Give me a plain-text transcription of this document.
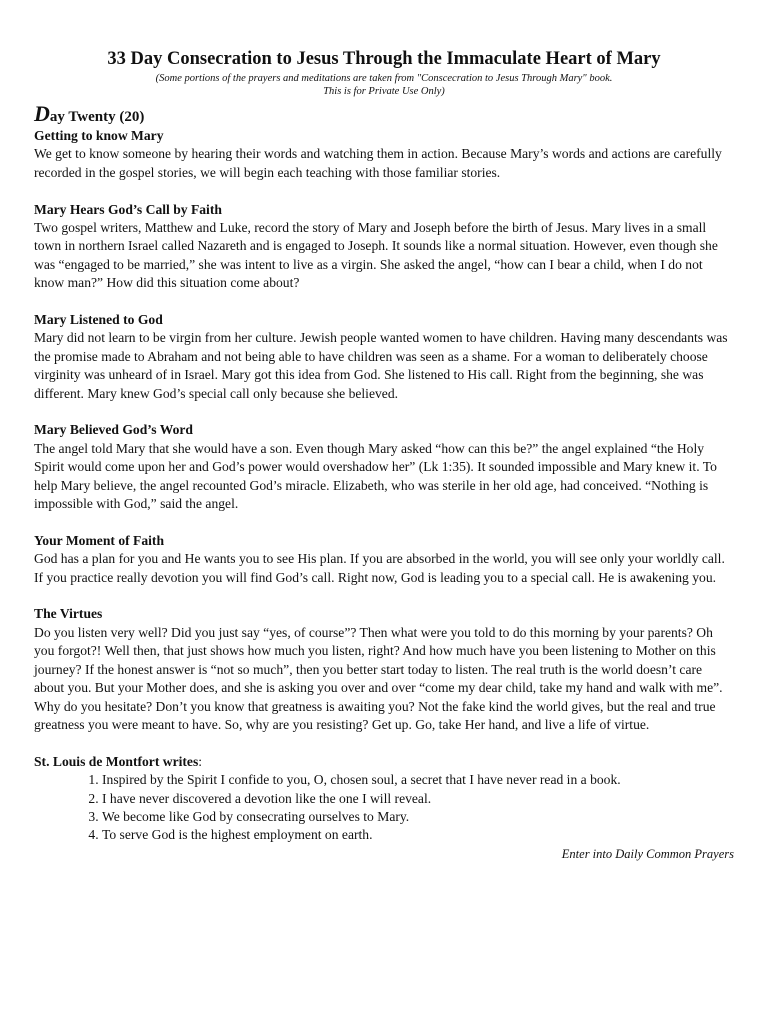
33 Day Consecration to Jesus Through the Immaculate Heart of Mary

(Some portions of the prayers and meditations are taken from "Conscecration to Jesus Through Mary" book.
This is for Private Use Only)

Day Twenty (20)

Getting to know Mary

We get to know someone by hearing their words and watching them in action. Because Mary’s words and actions are carefully recorded in the gospel stories, we will begin each teaching with those familiar stories.

Mary Hears God’s Call by Faith

Two gospel writers, Matthew and Luke, record the story of Mary and Joseph before the birth of Jesus. Mary lives in a small town in northern Israel called Nazareth and is engaged to Joseph. It sounds like a normal situation. However, even though she was “engaged to be married,” she was intent to live as a virgin. She asked the angel, “how can I bear a child, when I do not know man?” How did this situation come about?

Mary Listened to God

Mary did not learn to be virgin from her culture. Jewish people wanted women to have children. Having many descendants was the promise made to Abraham and not being able to have children was seen as a shame. For a woman to deliberately choose virginity was unheard of in Israel. Mary got this idea from God. She listened to His call. Right from the beginning, she was different. Mary knew God’s special call only because she believed.

Mary Believed God’s Word

The angel told Mary that she would have a son. Even though Mary asked “how can this be?” the angel explained “the Holy Spirit would come upon her and God’s power would overshadow her” (Lk 1:35). It sounded impossible and Mary knew it. To help Mary believe, the angel recounted God’s miracle. Elizabeth, who was sterile in her old age, had conceived. “Nothing is impossible with God,” said the angel.

Your Moment of Faith

God has a plan for you and He wants you to see His plan. If you are absorbed in the world, you will see only your worldly call. If you practice really devotion you will find God’s call. Right now, God is leading you to a special call. He is awakening you.

The Virtues

Do you listen very well? Did you just say “yes, of course”? Then what were you told to do this morning by your parents? Oh you forgot?! Well then, that just shows how much you listen, right? And how much have you been listening to Mother on this journey? If the honest answer is “not so much”, then you better start today to listen. The real truth is the world doesn’t care about you. But your Mother does, and she is asking you over and over “come my dear child, take my hand and walk with me”. Why do you hesitate? Don’t you know that greatness is awaiting you? Not the fake kind the world gives, but the real and true greatness you were meant to have. So, why are you resisting? Get up. Go, take Her hand, and live a life of virtue.

St. Louis de Montfort writes:

1. Inspired by the Spirit I confide to you, O, chosen soul, a secret that I have never read in a book.
2. I have never discovered a devotion like the one I will reveal.
3. We become like God by consecrating ourselves to Mary.
4. To serve God is the highest employment on earth.

Enter into Daily Common Prayers
